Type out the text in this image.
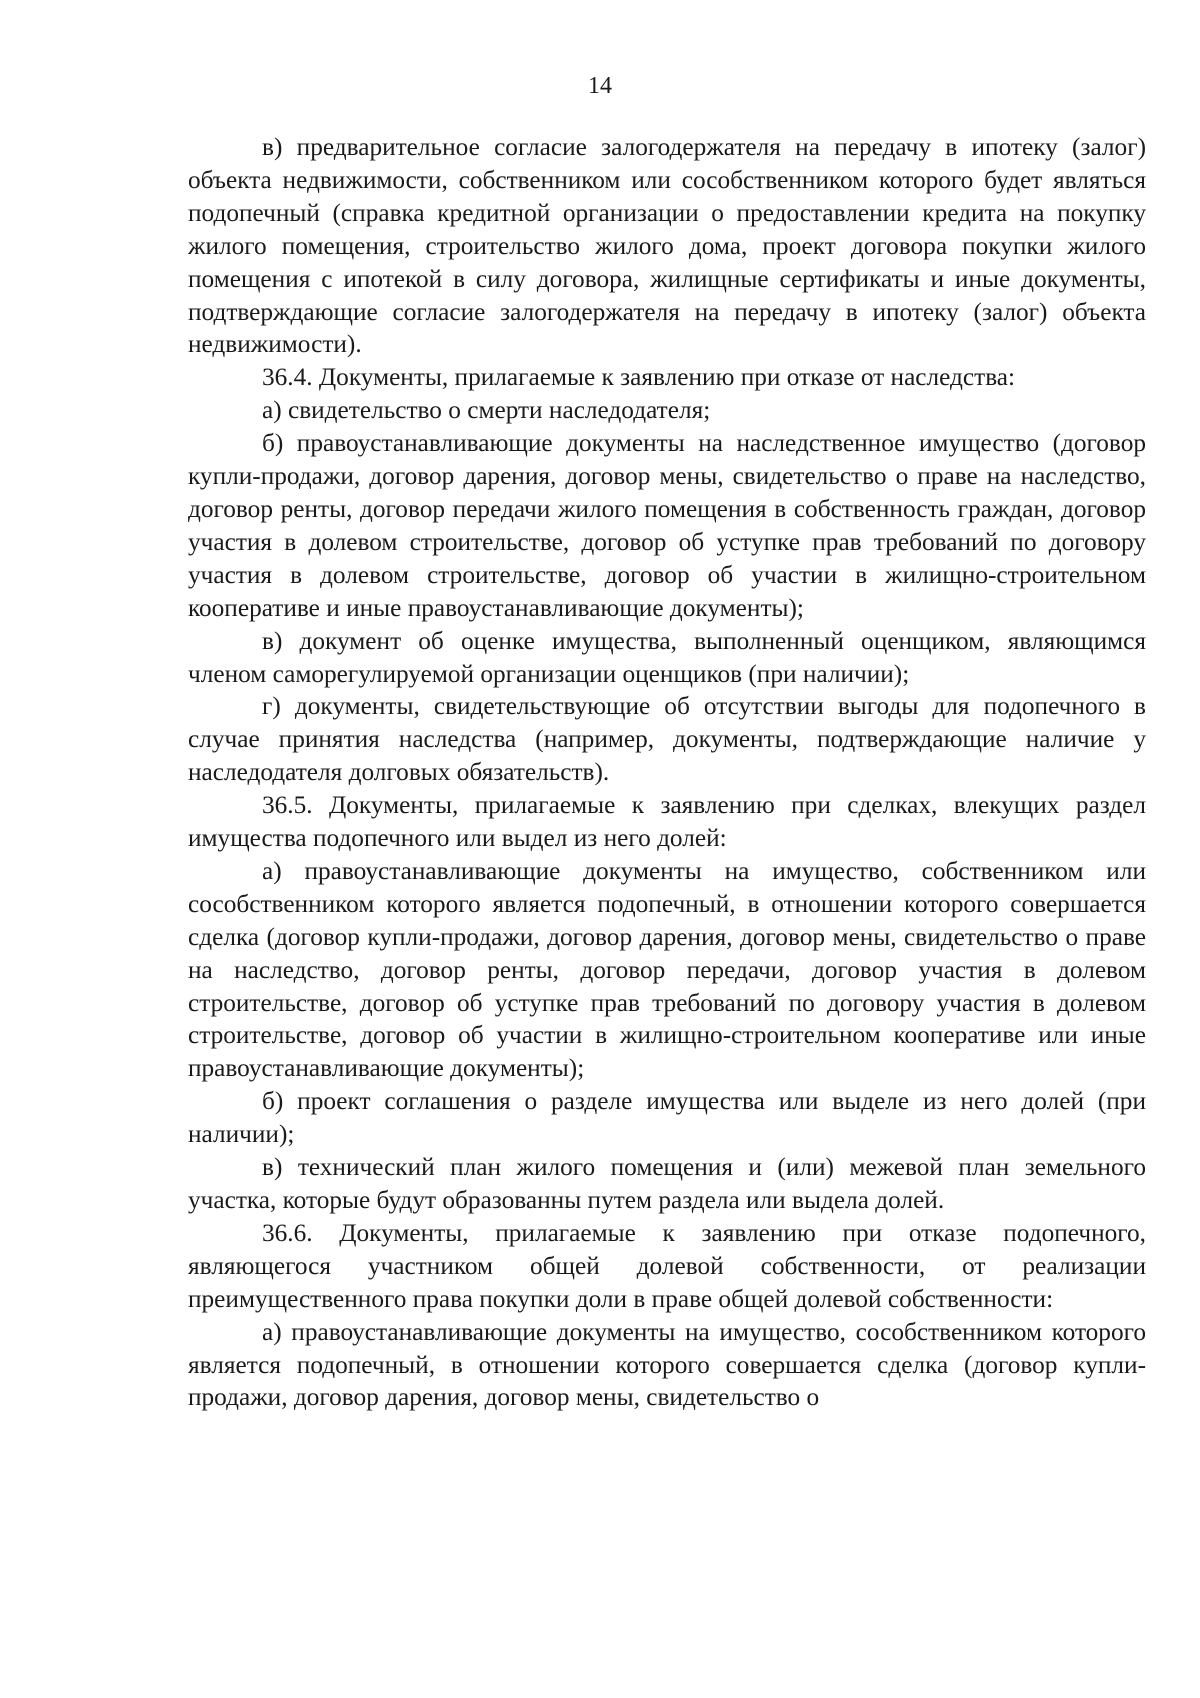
14

в) предварительное согласие залогодержателя на передачу в ипотеку (залог) объекта недвижимости, собственником или сособственником которого будет являться подопечный (справка кредитной организации о предоставлении кредита на покупку жилого помещения, строительство жилого дома, проект договора покупки жилого помещения с ипотекой в силу договора, жилищные сертификаты и иные документы, подтверждающие согласие залогодержателя на передачу в ипотеку (залог) объекта недвижимости).

36.4. Документы, прилагаемые к заявлению при отказе от наследства:

а) свидетельство о смерти наследодателя;

б) правоустанавливающие документы на наследственное имущество (договор купли-продажи, договор дарения, договор мены, свидетельство о праве на наследство, договор ренты, договор передачи жилого помещения в собственность граждан, договор участия в долевом строительстве, договор об уступке прав требований по договору участия в долевом строительстве, договор об участии в жилищно-строительном кооперативе и иные правоустанавливающие документы);

в) документ об оценке имущества, выполненный оценщиком, являющимся членом саморегулируемой организации оценщиков (при наличии);

г) документы, свидетельствующие об отсутствии выгоды для подопечного в случае принятия наследства (например, документы, подтверждающие наличие у наследодателя долговых обязательств).

36.5. Документы, прилагаемые к заявлению при сделках, влекущих раздел имущества подопечного или выдел из него долей:

а) правоустанавливающие документы на имущество, собственником или сособственником которого является подопечный, в отношении которого совершается сделка (договор купли-продажи, договор дарения, договор мены, свидетельство о праве на наследство, договор ренты, договор передачи, договор участия в долевом строительстве, договор об уступке прав требований по договору участия в долевом строительстве, договор об участии в жилищно-строительном кооперативе или иные правоустанавливающие документы);

б) проект соглашения о разделе имущества или выделе из него долей (при наличии);

в) технический план жилого помещения и (или) межевой план земельного участка, которые будут образованны путем раздела или выдела долей.

36.6. Документы, прилагаемые к заявлению при отказе подопечного, являющегося участником общей долевой собственности, от реализации преимущественного права покупки доли в праве общей долевой собственности:

а) правоустанавливающие документы на имущество, сособственником которого является подопечный, в отношении которого совершается сделка (договор купли-продажи, договор дарения, договор мены, свидетельство о
